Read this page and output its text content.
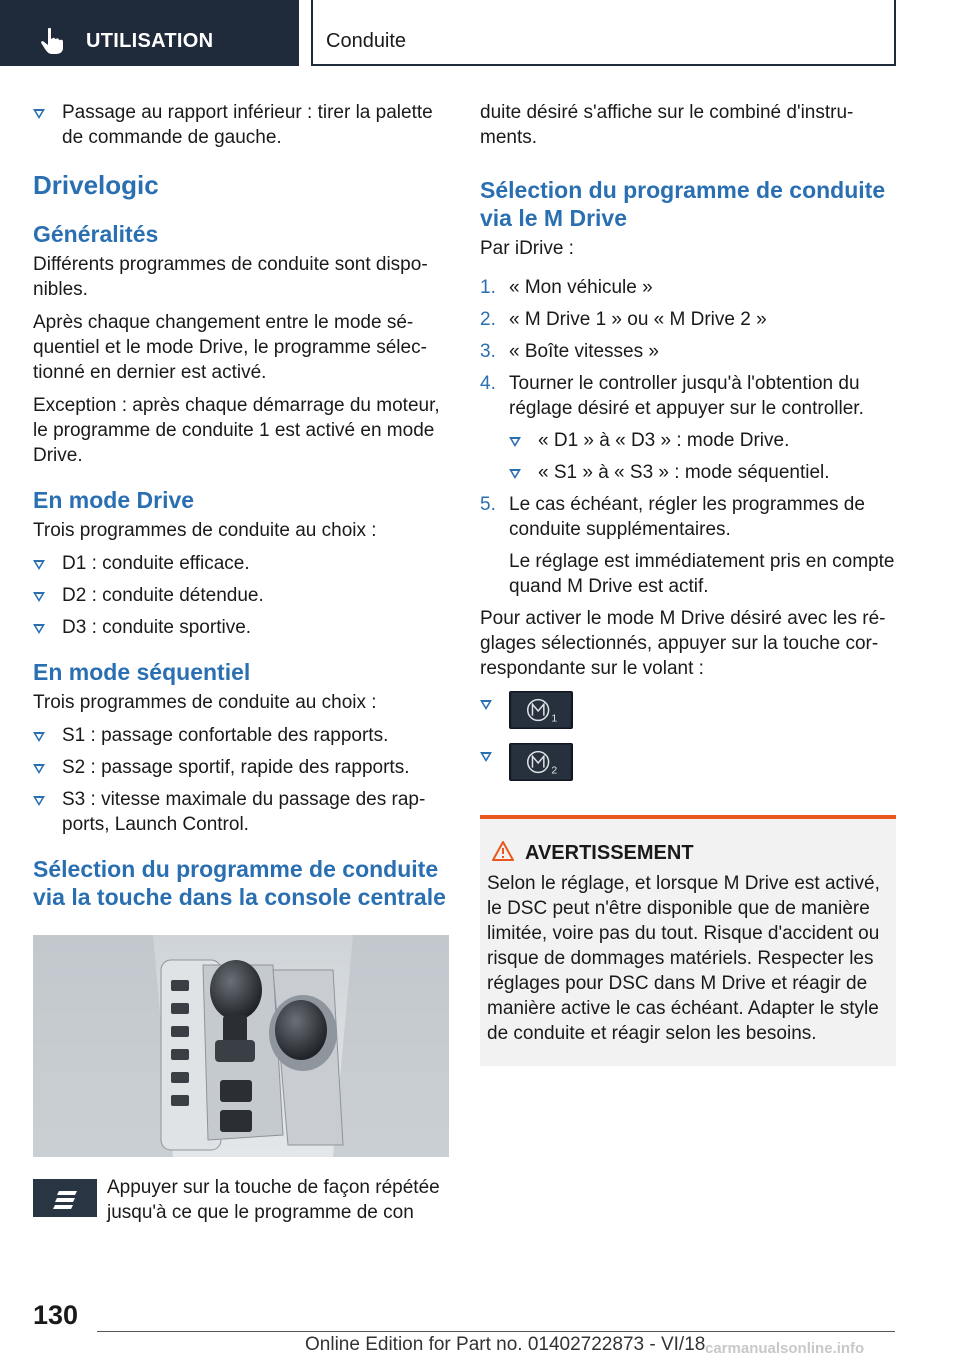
UTILISATION	Conduite
Passage au rapport inférieur : tirer la palette de commande de gauche.
Drivelogic
Généralités

Différents programmes de conduite sont disponibles.

Après chaque changement entre le mode séquentiel et le mode Drive, le programme sélectionné en dernier est activé.

Exception : après chaque démarrage du moteur, le programme de conduite 1 est activé en mode Drive.

En mode Drive

Trois programmes de conduite au choix :

D1 : conduite efficace.
D2 : conduite détendue.
D3 : conduite sportive.
En mode séquentiel

Trois programmes de conduite au choix :

S1 : passage confortable des rapports.
S2 : passage sportif, rapide des rapports.
S3 : vitesse maximale du passage des rapports, Launch Control.
Sélection du programme de conduite via la touche dans la console centrale
Appuyer sur la touche de façon répétée jusqu'à ce que le programme de con

duite désiré s'affiche sur le combiné d'instruments.

Sélection du programme de conduite via le M Drive

Par iDrive :

1. « Mon véhicule »
2. « M Drive 1 » ou « M Drive 2 »
3. « Boîte vitesses »
4. Tourner le controller jusqu'à l'obtention du réglage désiré et appuyer sur le controller.
« D1 » à « D3 » : mode Drive.
« S1 » à « S3 » : mode séquentiel.
5. Le cas échéant, régler les programmes de conduite supplémentaires.
Le réglage est immédiatement pris en compte quand M Drive est actif.

Pour activer le mode M Drive désiré avec les réglages sélectionnés, appuyer sur la touche correspondante sur le volant :

1
2
AVERTISSEMENT
Selon le réglage, et lorsque M Drive est activé, le DSC peut n'être disponible que de manière limitée, voire pas du tout. Risque d'accident ou risque de dommages matériels. Respecter les réglages pour DSC dans M Drive et réagir de manière active le cas échéant. Adapter le style de conduite et réagir selon les besoins.
130
Online Edition for Part no. 01402722873 - VI/18 carmanualsonline.info
